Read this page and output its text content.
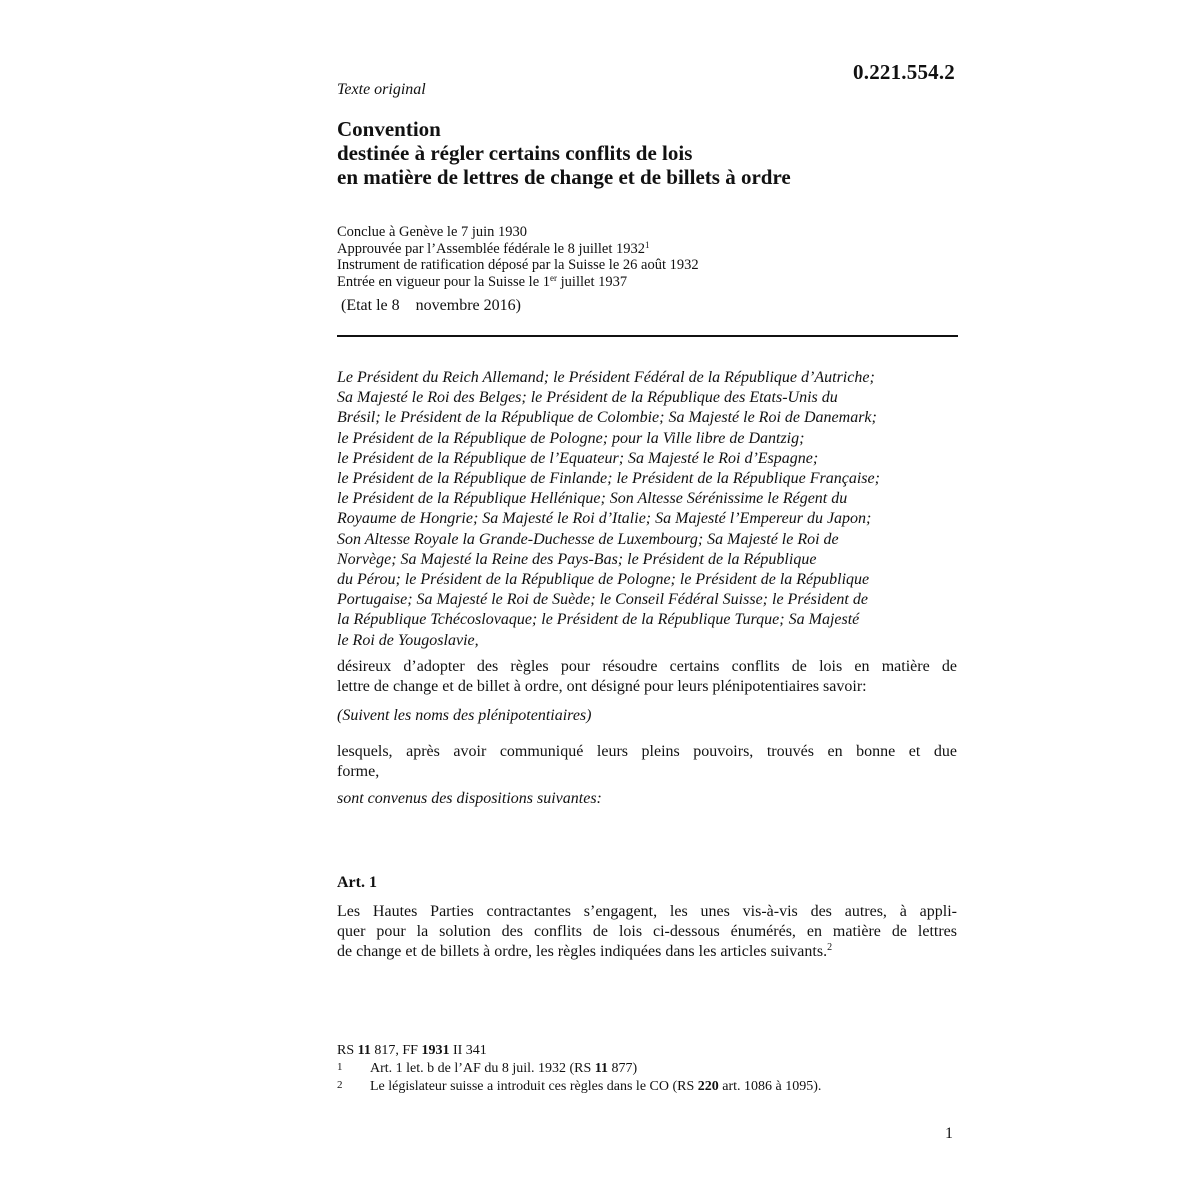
0.221.554.2
Texte original
Convention
destinée à régler certains conflits de lois
en matière de lettres de change et de billets à ordre
Conclue à Genève le 7 juin 1930
Approuvée par l’Assemblée fédérale le 8 juillet 1932$^1$
Instrument de ratification déposé par la Suisse le 26 août 1932
Entrée en vigueur pour la Suisse le 1er juillet 1937
(Etat le 8    novembre 2016)
Le Président du Reich Allemand; le Président Fédéral de la République d’Autriche;
Sa Majesté le Roi des Belges; le Président de la République des Etats-Unis du
Brésil; le Président de la République de Colombie; Sa Majesté le Roi de Danemark;
le Président de la République de Pologne; pour la Ville libre de Dantzig;
le Président de la République de l’Equateur; Sa Majesté le Roi d’Espagne;
le Président de la République de Finlande; le Président de la République Française;
le Président de la République Hellénique; Son Altesse Sérénissime le Régent du
Royaume de Hongrie; Sa Majesté le Roi d’Italie; Sa Majesté l’Empereur du Japon;
Son Altesse Royale la Grande-Duchesse de Luxembourg; Sa Majesté le Roi de
Norvège; Sa Majesté la Reine des Pays-Bas; le Président de la République
du Pérou; le Président de la République de Pologne; le Président de la République
Portugaise; Sa Majesté le Roi de Suède; le Conseil Fédéral Suisse; le Président de
la République Tchécoslovaque; le Président de la République Turque; Sa Majesté
le Roi de Yougoslavie,
désireux d’adopter des règles pour résoudre certains conflits de lois en matière de
lettre de change et de billet à ordre, ont désigné pour leurs plénipotentiaires savoir:
(Suivent les noms des plénipotentiaires)
lesquels, après avoir communiqué leurs pleins pouvoirs, trouvés en bonne et due
forme,
sont convenus des dispositions suivantes:
Art. 1
Les Hautes Parties contractantes s’engagent, les unes vis-à-vis des autres, à appli-
quer pour la solution des conflits de lois ci-dessous énumérés, en matière de lettres
de change et de billets à ordre, les règles indiquées dans les articles suivants.$^2$
RS 11 817, FF 1931 II 341
1 Art. 1 let. b de l’AF du 8 juil. 1932 (RS 11 877)
2 Le législateur suisse a introduit ces règles dans le CO (RS 220 art. 1086 à 1095).
1
